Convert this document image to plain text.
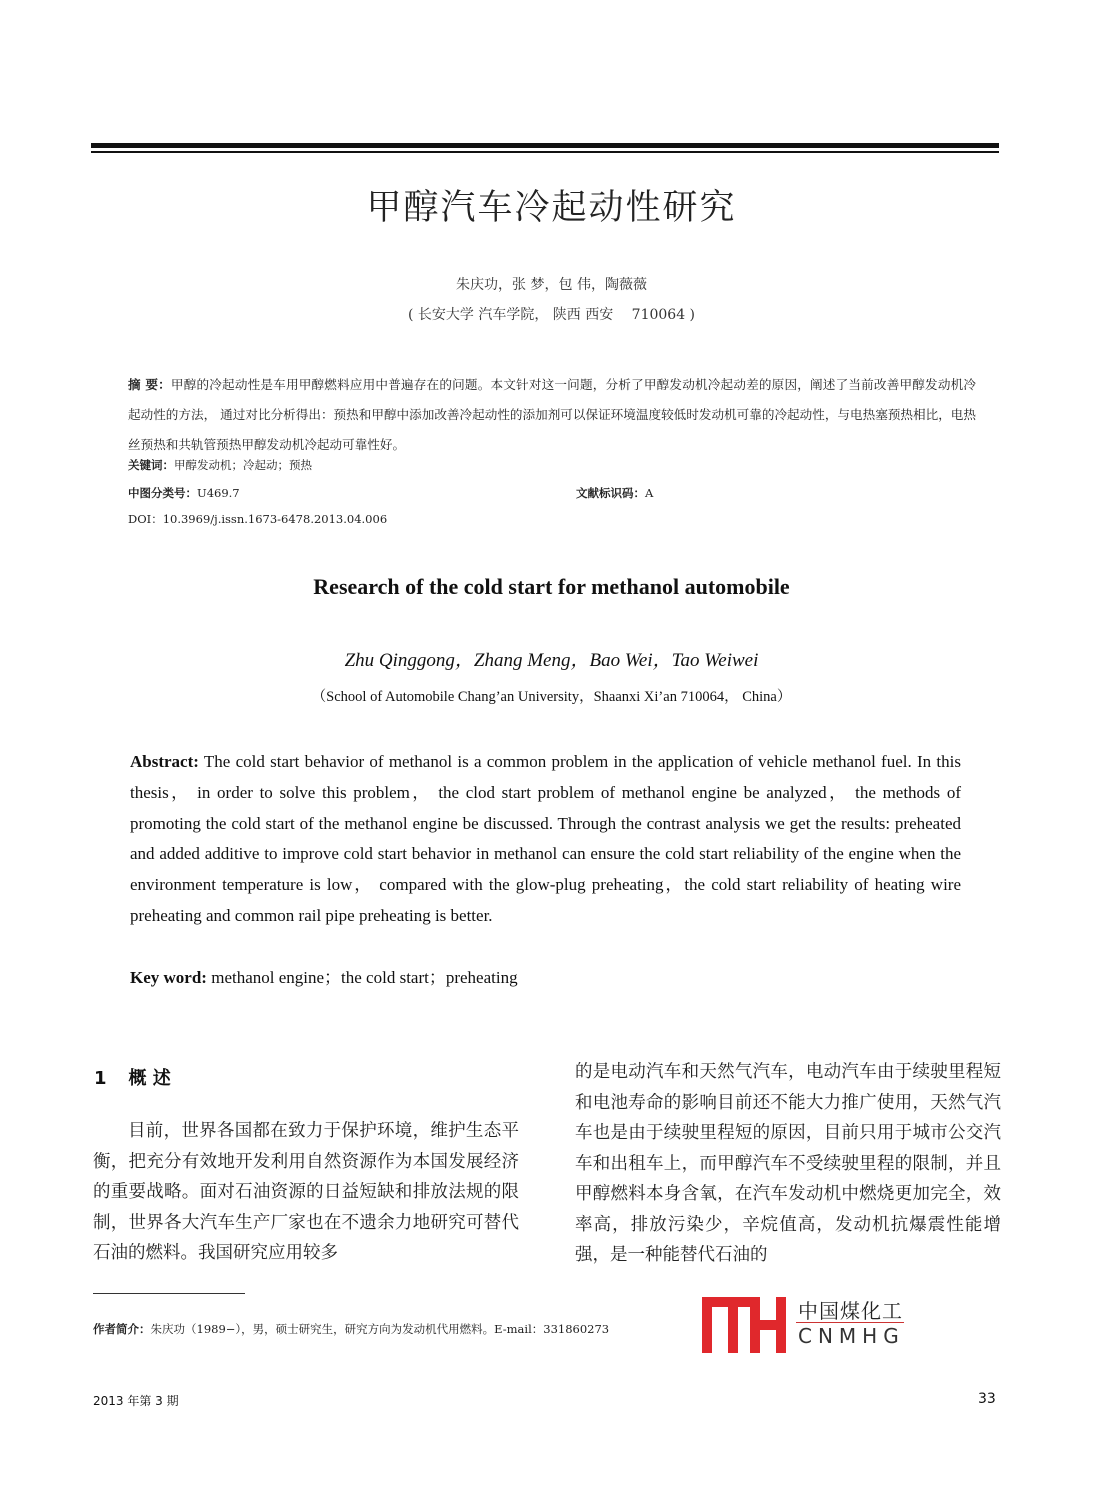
甲醇汽车冷起动性研究
朱庆功，张 梦，包 伟，陶薇薇
( 长安大学 汽车学院， 陕西 西安 　710064 )
摘 要：甲醇的冷起动性是车用甲醇燃料应用中普遍存在的问题。本文针对这一问题，分析了甲醇发动机冷起动差的原因，阐述了当前改善甲醇发动机冷起动性的方法， 通过对比分析得出：预热和甲醇中添加改善冷起动性的添加剂可以保证环境温度较低时发动机可靠的冷起动性，与电热塞预热相比，电热丝预热和共轨管预热甲醇发动机冷起动可靠性好。
关键词：甲醇发动机；冷起动；预热
中图分类号：U469.7	文献标识码：A
DOI：10.3969/j.issn.1673-6478.2013.04.006
Research of the cold start for methanol automobile
Zhu Qinggong，Zhang Meng，Bao Wei，Tao Weiwei
（School of Automobile Chang’an University，Shaanxi Xi’an 710064， China）
Abstract: The cold start behavior of methanol is a common problem in the application of vehicle methanol fuel. In this thesis， in order to solve this problem， the clod start problem of methanol engine be analyzed， the methods of promoting the cold start of the methanol engine be discussed. Through the contrast analysis we get the results: preheated and added additive to improve cold start behavior in methanol can ensure the cold start reliability of the engine when the environment temperature is low， compared with the glow-plug preheating，the cold start reliability of heating wire preheating and common rail pipe preheating is better.
Key word: methanol engine；the cold start；preheating
1 概 述

目前，世界各国都在致力于保护环境，维护生态平衡，把充分有效地开发利用自然资源作为本国发展经济的重要战略。面对石油资源的日益短缺和排放法规的限制，世界各大汽车生产厂家也在不遗余力地研究可替代石油的燃料。我国研究应用较多

的是电动汽车和天然气汽车，电动汽车由于续驶里程短和电池寿命的影响目前还不能大力推广使用，天然气汽车也是由于续驶里程短的原因，目前只用于城市公交汽车和出租车上，而甲醇汽车不受续驶里程的限制，并且甲醇燃料本身含氧，在汽车发动机中燃烧更加完全，效率高，排放污染少，辛烷值高，发动机抗爆震性能增强，是一种能替代石油的

作者简介：朱庆功（1989−），男，硕士研究生，研究方向为发动机代用燃料。E-mail：331860273
中国煤化工
CNMHG
2013 年第 3 期	33
